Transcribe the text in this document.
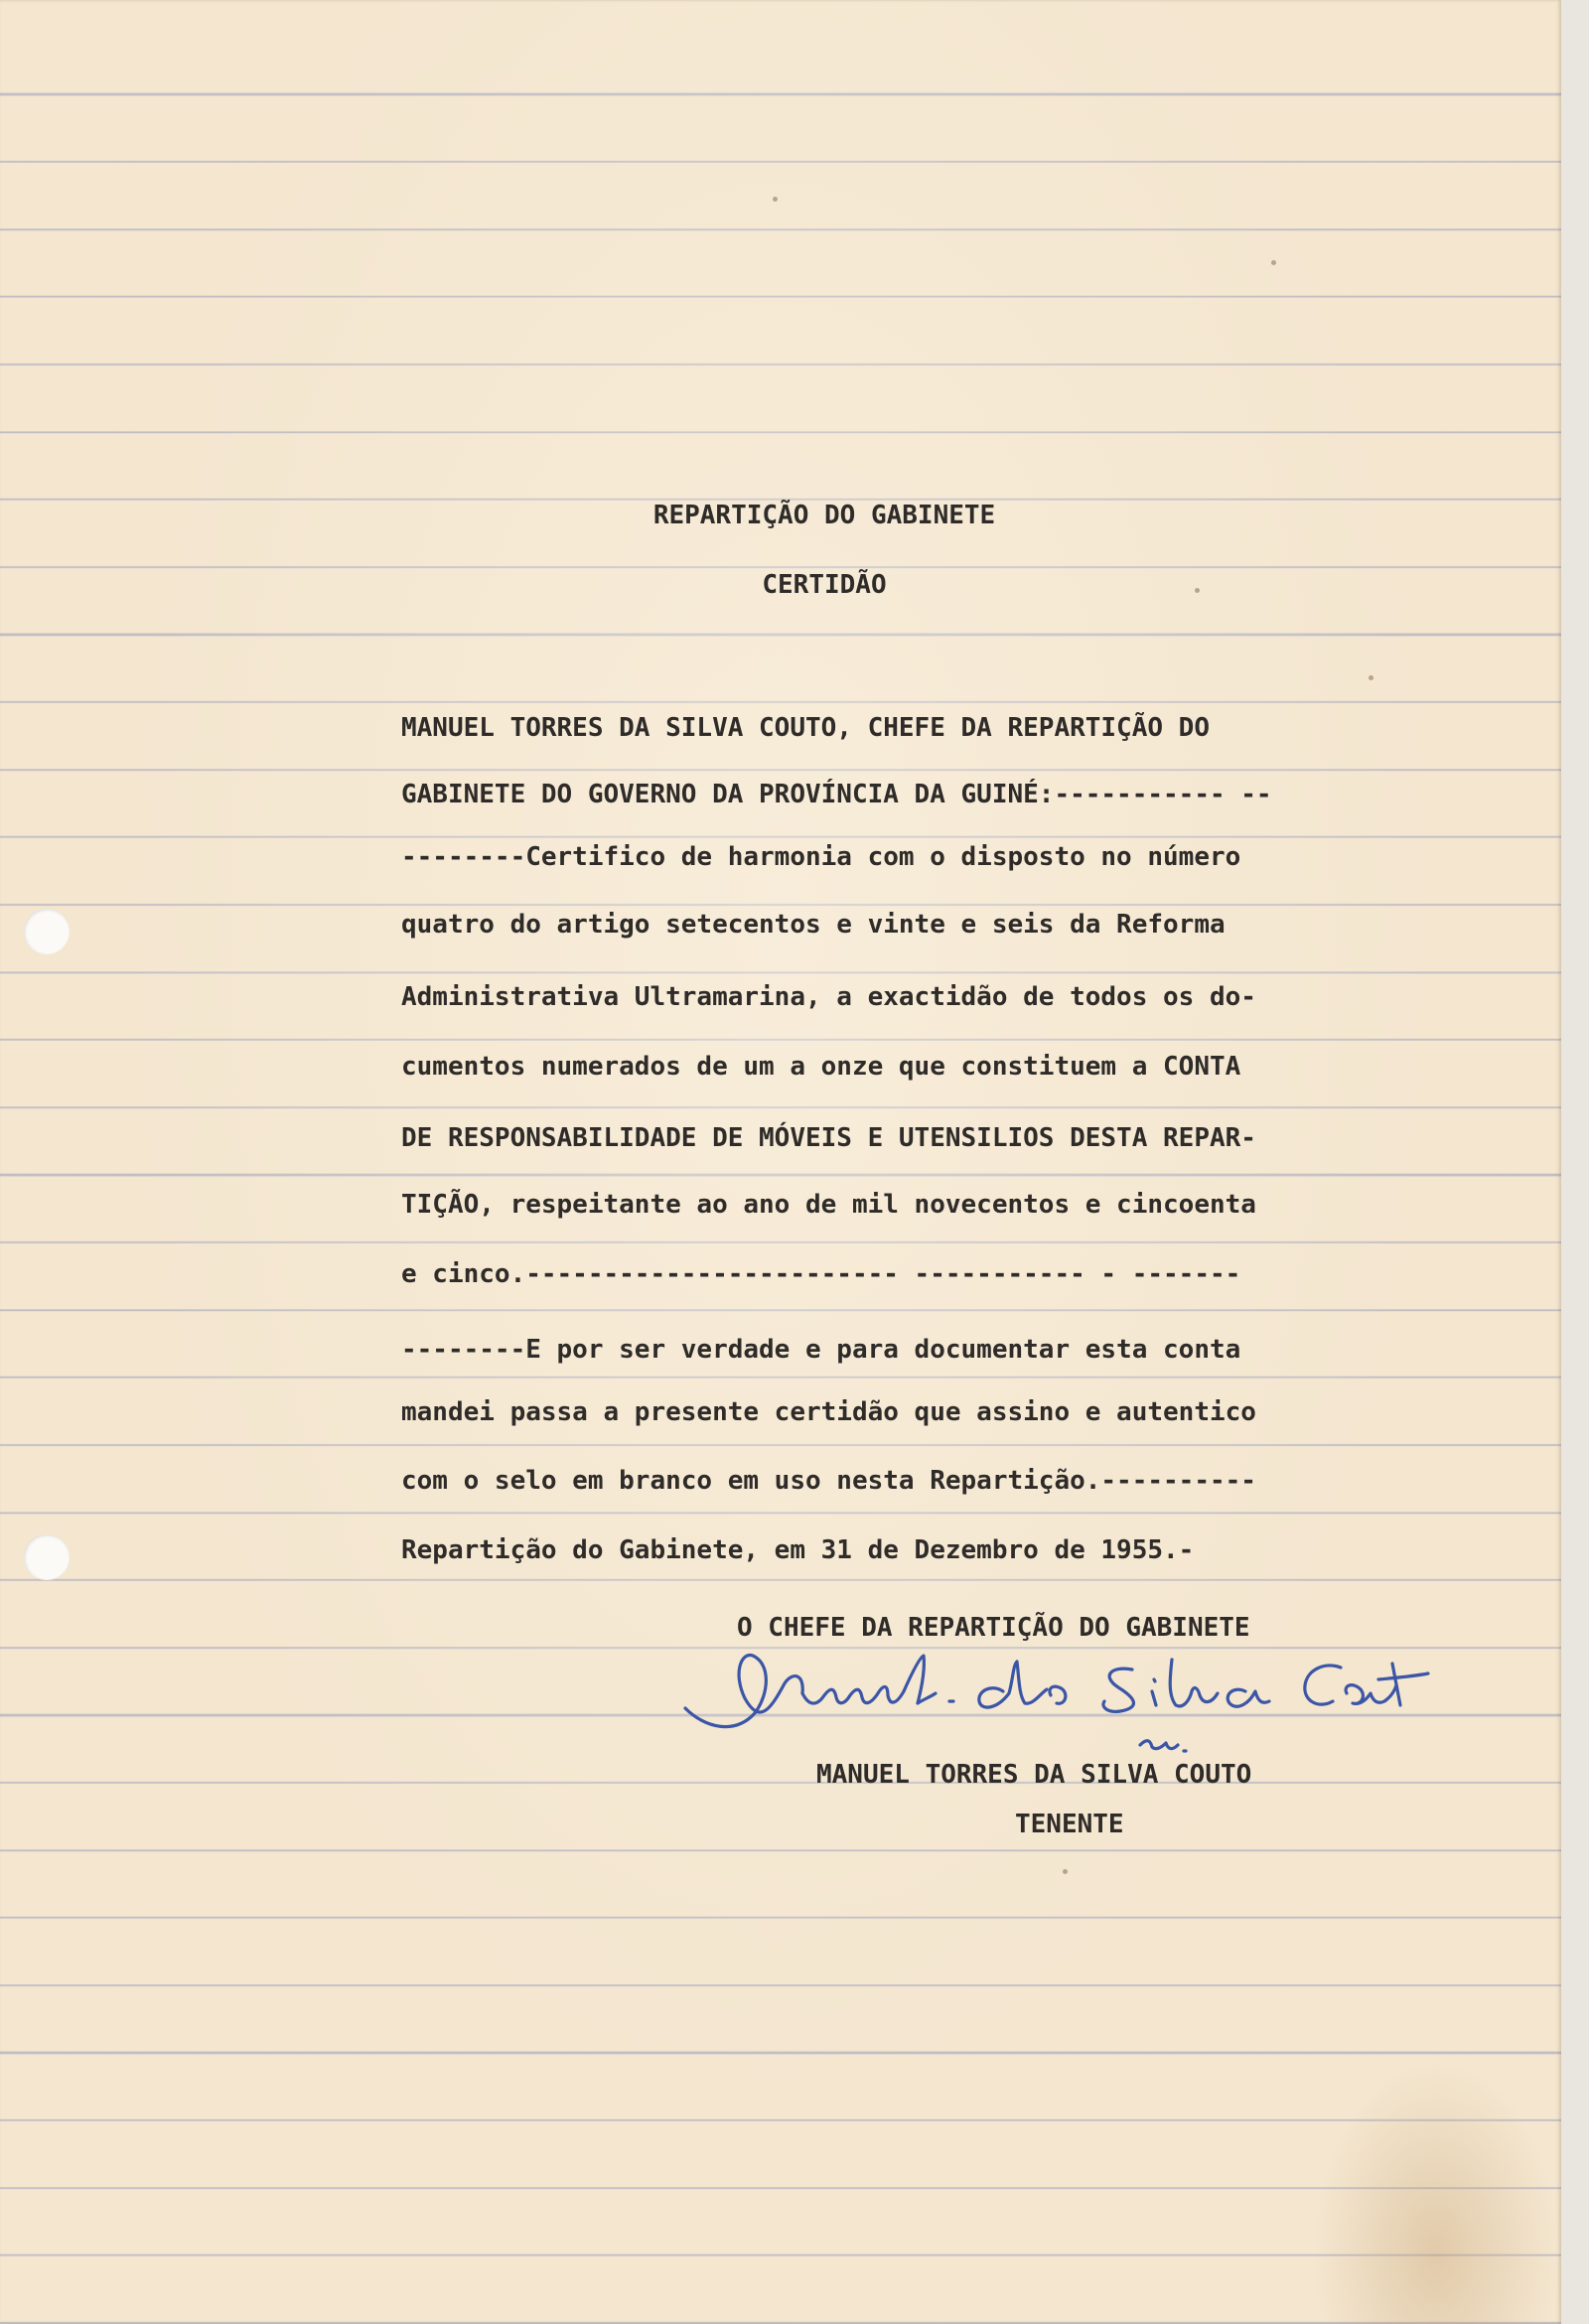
REPARTIÇÃO DO GABINETE
CERTIDÃO
MANUEL TORRES DA SILVA COUTO, CHEFE DA REPARTIÇÃO DO
GABINETE DO GOVERNO DA PROVÍNCIA DA GUINÉ:----------- --
--------Certifico de harmonia com o disposto no número
quatro do artigo setecentos e vinte e seis da Reforma
Administrativa Ultramarina, a exactidão de todos os do-
cumentos numerados de um a onze que constituem a CONTA
DE RESPONSABILIDADE DE MÓVEIS E UTENSILIOS DESTA REPAR-
TIÇÃO, respeitante ao ano de mil novecentos e cincoenta
e cinco.------------------------ ----------- - -------
--------E por ser verdade e para documentar esta conta
mandei passa a presente certidão que assino e autentico
com o selo em branco em uso nesta Repartição.----------
Repartição do Gabinete, em 31 de Dezembro de 1955.-
O CHEFE DA REPARTIÇÃO DO GABINETE
MANUEL TORRES DA SILVA COUTO
TENENTE
